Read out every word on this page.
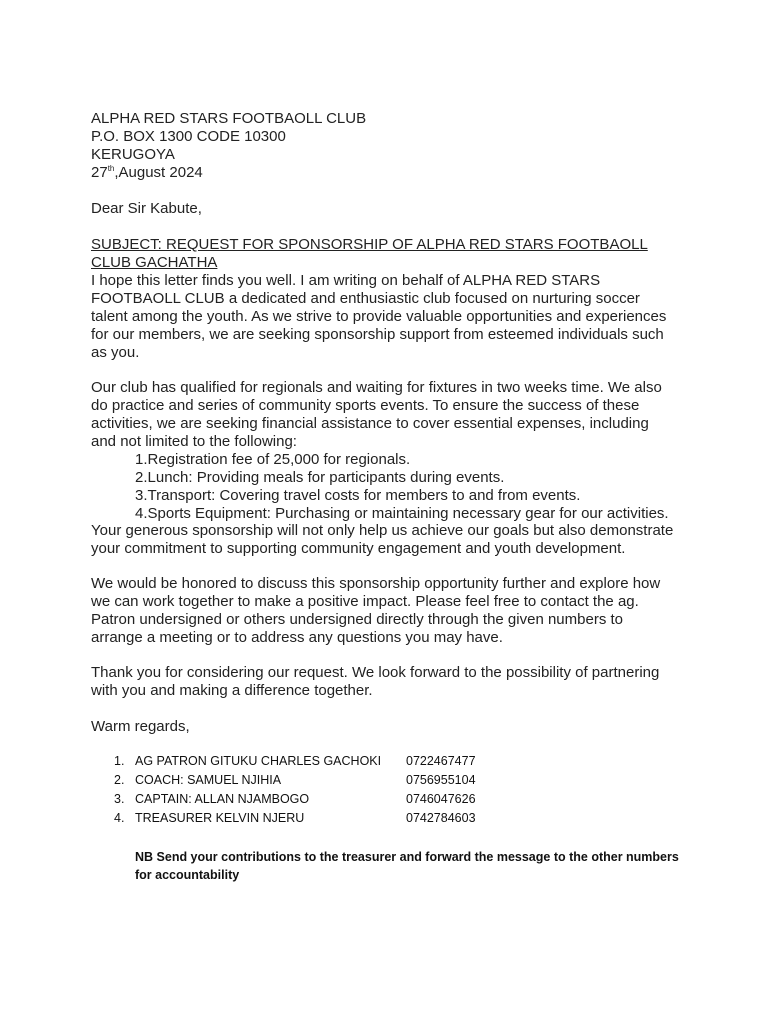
ALPHA RED STARS FOOTBAOLL CLUB
P.O. BOX 1300 CODE 10300
KERUGOYA
27th,August 2024
Dear Sir Kabute,
SUBJECT: REQUEST FOR SPONSORSHIP OF ALPHA RED STARS FOOTBAOLL
CLUB GACHATHA
I hope this letter finds you well. I am writing on behalf of ALPHA RED STARS
FOOTBAOLL CLUB a dedicated and enthusiastic club focused on nurturing soccer
talent among the youth. As we strive to provide valuable opportunities and experiences
for our members, we are seeking sponsorship support from esteemed individuals such
as you.
Our club has qualified for regionals and waiting for fixtures in two weeks time. We also
do practice and series of community sports events. To ensure the success of these
activities, we are seeking financial assistance to cover essential expenses, including
and not limited to the following:
1.Registration fee of 25,000 for regionals.
2.Lunch: Providing meals for participants during events.
3.Transport: Covering travel costs for members to and from events.
4.Sports Equipment: Purchasing or maintaining necessary gear for our activities.
Your generous sponsorship will not only help us achieve our goals but also demonstrate
your commitment to supporting community engagement and youth development.
We would be honored to discuss this sponsorship opportunity further and explore how
we can work together to make a positive impact. Please feel free to contact the ag.
Patron undersigned or others undersigned directly through the given numbers to
arrange a meeting or to address any questions you may have.
Thank you for considering our request. We look forward to the possibility of partnering
with you and making a difference together.
Warm regards,
1. AG PATRON GITUKU CHARLES GACHOKI 0722467477
2. COACH: SAMUEL NJIHIA	0756955104
3. CAPTAIN: ALLAN NJAMBOGO	0746047626
4. TREASURER KELVIN NJERU	0742784603
NB Send your contributions to the treasurer and forward the message to the other numbers
for accountability
